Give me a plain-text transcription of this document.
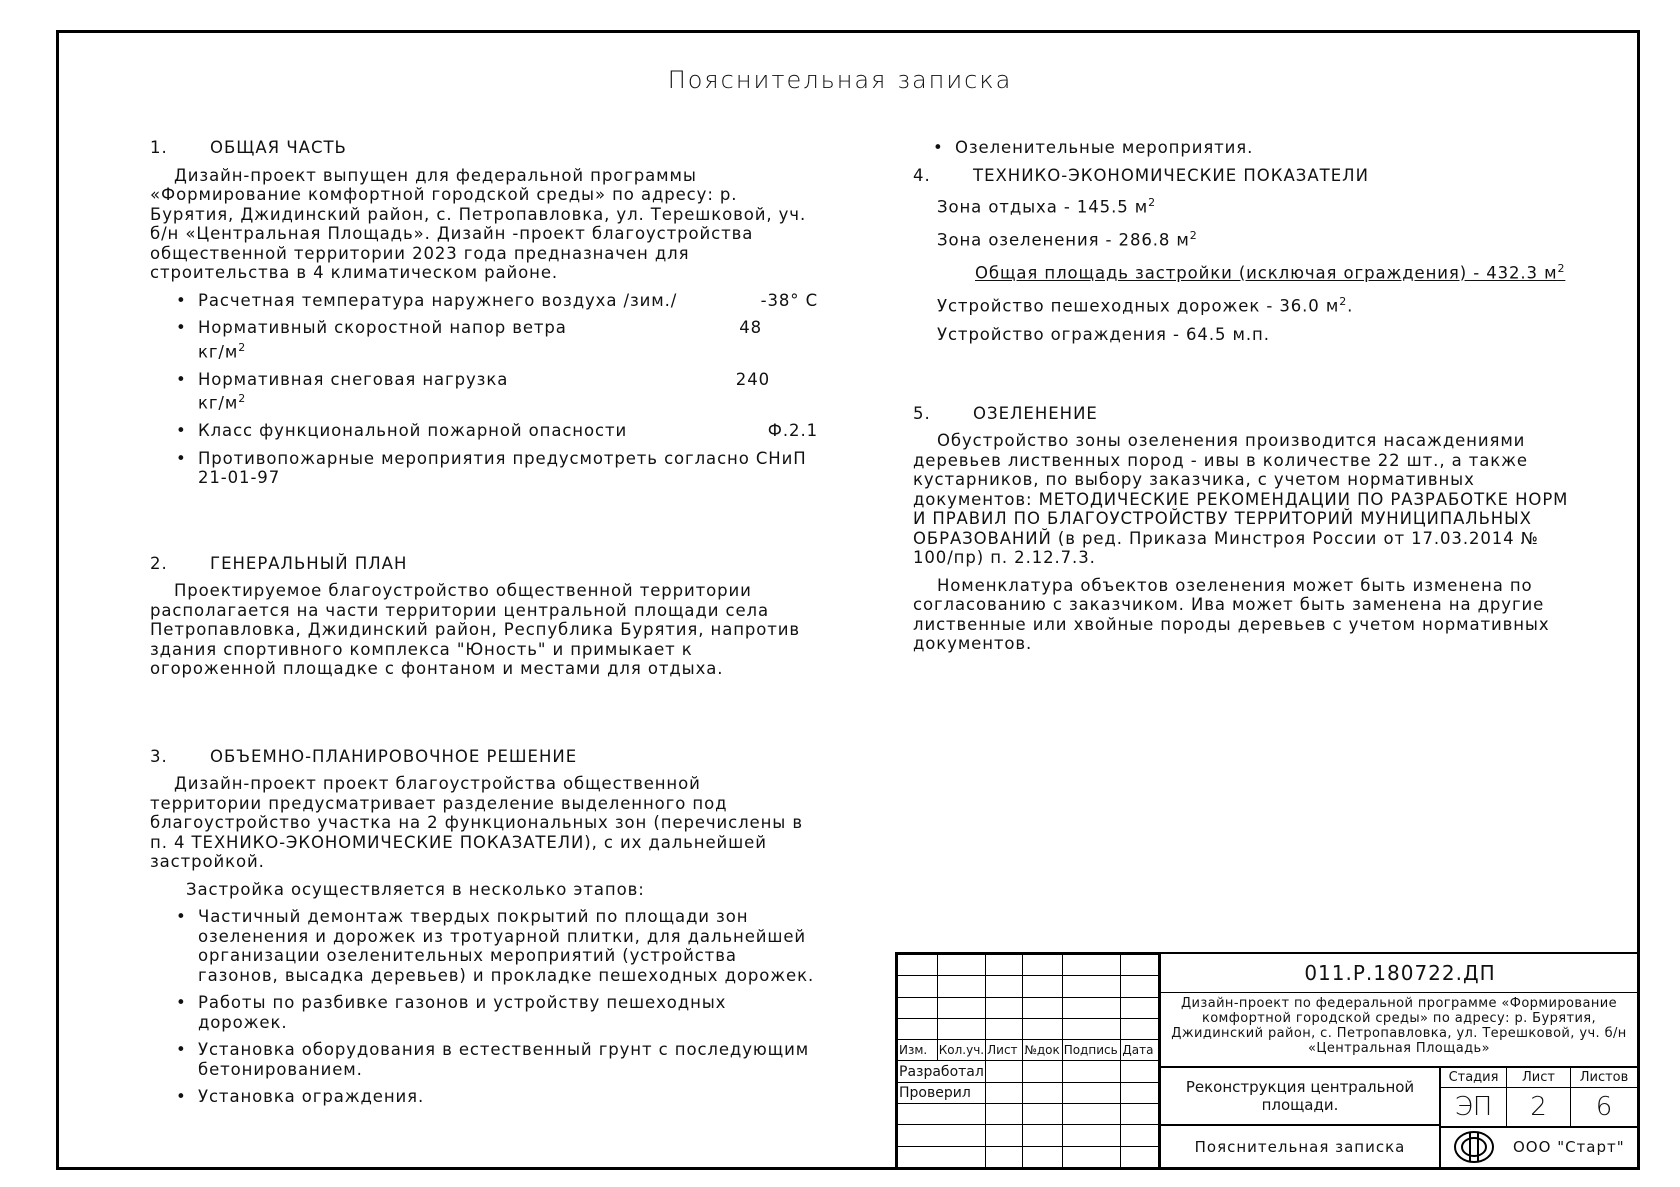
Пояснительная записка
1.	ОБЩАЯ ЧАСТЬ

Дизайн-проект выпущен для федеральной программы «Формирование комфортной городской среды» по адресу: р. Бурятия, Джидинский район, с. Петропавловка, ул. Терешковой, уч. б/н «Центральная Площадь». Дизайн -проект благоустройства общественной территории 2023 года предназначен для строительства в 4 климатическом районе.

• Расчетная температура наружнего воздуха /зим./	-38° С
• Нормативный скоростной напор ветра	48
$кг/м^2$
• Нормативная снеговая нагрузка	240
$кг/м^2$
• Класс функциональной пожарной опасности	Ф.2.1
• Противопожарные мероприятия предусмотреть согласно СНиП 21-01-97
2.	ГЕНЕРАЛЬНЫЙ ПЛАН

Проектируемое благоустройство общественной территории располагается на части территории центральной площади села Петропавловка, Джидинский район, Республика Бурятия, напротив здания спортивного комплекса "Юность" и примыкает к огороженной площадке с фонтаном и местами для отдыха.

3.	ОБЪЕМНО-ПЛАНИРОВОЧНОЕ РЕШЕНИЕ

Дизайн-проект проект благоустройства общественной территории предусматривает разделение выделенного под благоустройство участка на 2 функциональных зон (перечислены в п. 4 ТЕХНИКО-ЭКОНОМИЧЕСКИЕ ПОКАЗАТЕЛИ), с их дальнейшей застройкой.

Застройка осуществляется в несколько этапов:

• Частичный демонтаж твердых покрытий по площади зон озеленения и дорожек из тротуарной плитки, для дальнейшей организации озеленительных мероприятий (устройства газонов, высадка деревьев) и прокладке пешеходных дорожек.
• Работы по разбивке газонов и устройству пешеходных дорожек.
• Установка оборудования в естественный грунт с последующим бетонированием.
• Установка ограждения.
• Озеленительные мероприятия.
4.	ТЕХНИКО-ЭКОНОМИЧЕСКИЕ ПОКАЗАТЕЛИ

Зона отдыха - 145.5 $м^2$

Зона озеленения - 286.8 $м^2$

Общая площадь застройки (исключая ограждения) - 432.3 $м^2$

Устройство пешеходных дорожек - 36.0 $м^2$.

Устройство ограждения - 64.5 м.п.

5.	ОЗЕЛЕНЕНИЕ

Обустройство зоны озеленения производится насаждениями деревьев лиственных пород - ивы в количестве 22 шт., а также кустарников, по выбору заказчика, с учетом нормативных документов: МЕТОДИЧЕСКИЕ РЕКОМЕНДАЦИИ ПО РАЗРАБОТКЕ НОРМ И ПРАВИЛ ПО БЛАГОУСТРОЙСТВУ ТЕРРИТОРИЙ МУНИЦИПАЛЬНЫХ ОБРАЗОВАНИЙ (в ред. Приказа Минстроя России от 17.03.2014 № 100/пр) п. 2.12.7.3.

Номенклатура объектов озеленения может быть изменена по согласованию с заказчиком. Ива может быть заменена на другие лиственные или хвойные породы деревьев с учетом нормативных документов.

Изм.	Кол.уч.	Лист	№док	Подпись	Дата
Разработал					
Проверил					

011.Р.180722.ДП
Дизайн-проект по федеральной программе «Формирование комфортной городской среды» по адресу: р. Бурятия, Джидинский район, с. Петропавловка, ул. Терешковой, уч. б/н «Центральная Площадь»
Реконструкция центральной площади.
Стадия	Лист	Листов
ЭП	2	6
Пояснительная записка	ООО "Старт"
